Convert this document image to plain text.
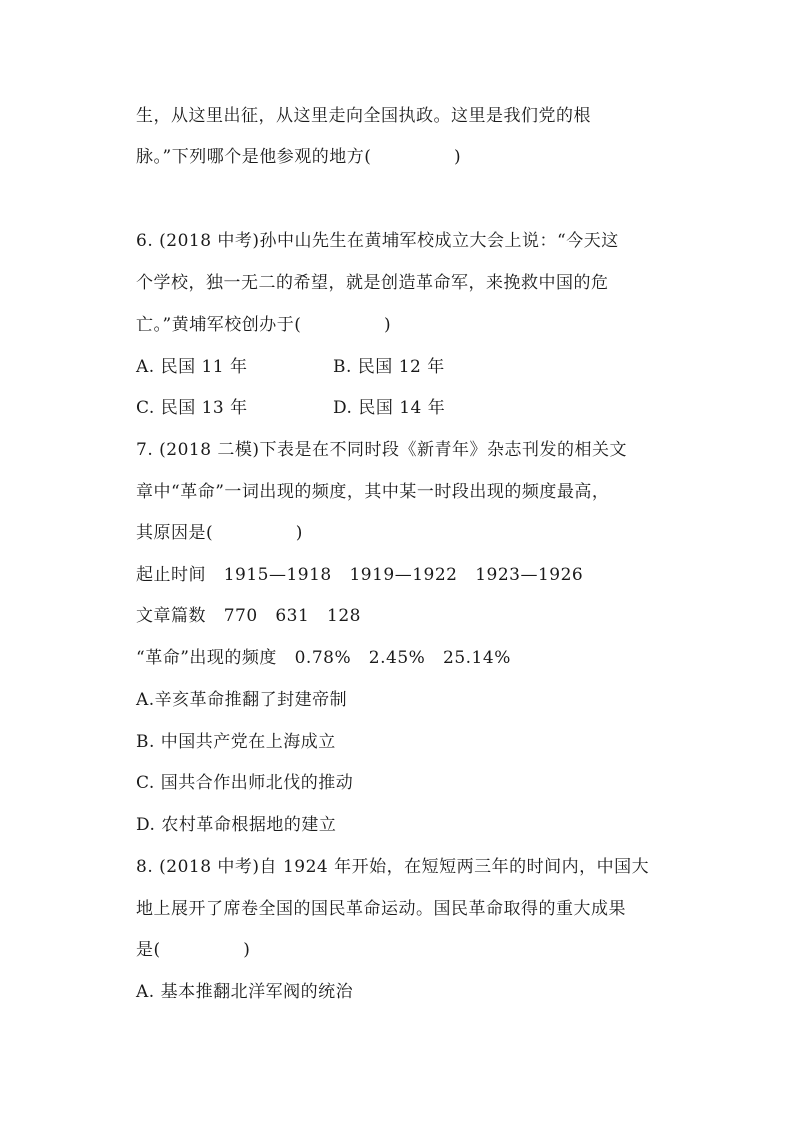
生，从这里出征，从这里走向全国执政。这里是我们党的根
脉。”下列哪个是他参观的地方(              )
6. (2018 中考)孙中山先生在黄埔军校成立大会上说：“今天这
个学校，独一无二的希望，就是创造革命军，来挽救中国的危
亡。”黄埔军校创办于(              )
A. 民国 11 年	B. 民国 12 年
C. 民国 13 年	D. 民国 14 年
7. (2018 二模)下表是在不同时段《新青年》杂志刊发的相关文
章中“革命”一词出现的频度，其中某一时段出现的频度最高，
其原因是(              )
起止时间   1915—1918   1919—1922   1923—1926
文章篇数   770   631   128
“革命”出现的频度   0.78%   2.45%   25.14%
A.辛亥革命推翻了封建帝制
B. 中国共产党在上海成立
C. 国共合作出师北伐的推动
D. 农村革命根据地的建立
8. (2018 中考)自 1924 年开始，在短短两三年的时间内，中国大
地上展开了席卷全国的国民革命运动。国民革命取得的重大成果
是(              )
A. 基本推翻北洋军阀的统治
